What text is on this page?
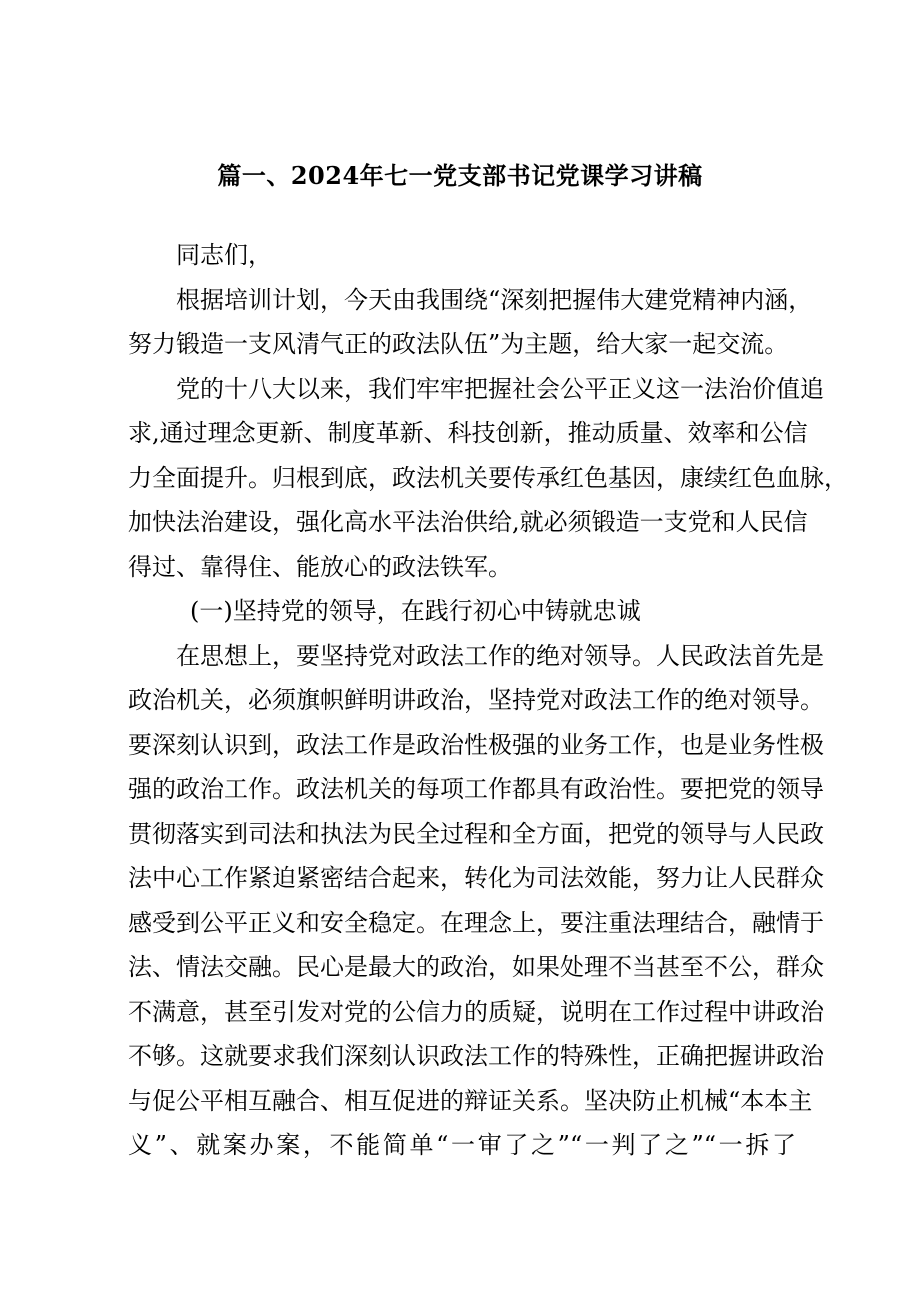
篇一、2024年七一党支部书记党课学习讲稿
同志们，
根据培训计划，今天由我围绕“深刻把握伟大建党精神内涵，
努力锻造一支风清气正的政法队伍”为主题，给大家一起交流。
党的十八大以来，我们牢牢把握社会公平正义这一法治价值追
求,通过理念更新、制度革新、科技创新，推动质量、效率和公信
力全面提升。归根到底，政法机关要传承红色基因，康续红色血脉，
加快法治建设，强化高水平法治供给,就必须锻造一支党和人民信
得过、靠得住、能放心的政法铁军。
(一)坚持党的领导，在践行初心中铸就忠诚
在思想上，要坚持党对政法工作的绝对领导。人民政法首先是
政治机关，必须旗帜鲜明讲政治，坚持党对政法工作的绝对领导。
要深刻认识到，政法工作是政治性极强的业务工作，也是业务性极
强的政治工作。政法机关的每项工作都具有政治性。要把党的领导
贯彻落实到司法和执法为民全过程和全方面，把党的领导与人民政
法中心工作紧迫紧密结合起来，转化为司法效能，努力让人民群众
感受到公平正义和安全稳定。在理念上，要注重法理结合，融情于
法、情法交融。民心是最大的政治，如果处理不当甚至不公，群众
不满意，甚至引发对党的公信力的质疑，说明在工作过程中讲政治
不够。这就要求我们深刻认识政法工作的特殊性，正确把握讲政治
与促公平相互融合、相互促进的辩证关系。坚决防止机械“本本主
义”、就案办案，不能简单“一审了之”“一判了之”“一拆了
